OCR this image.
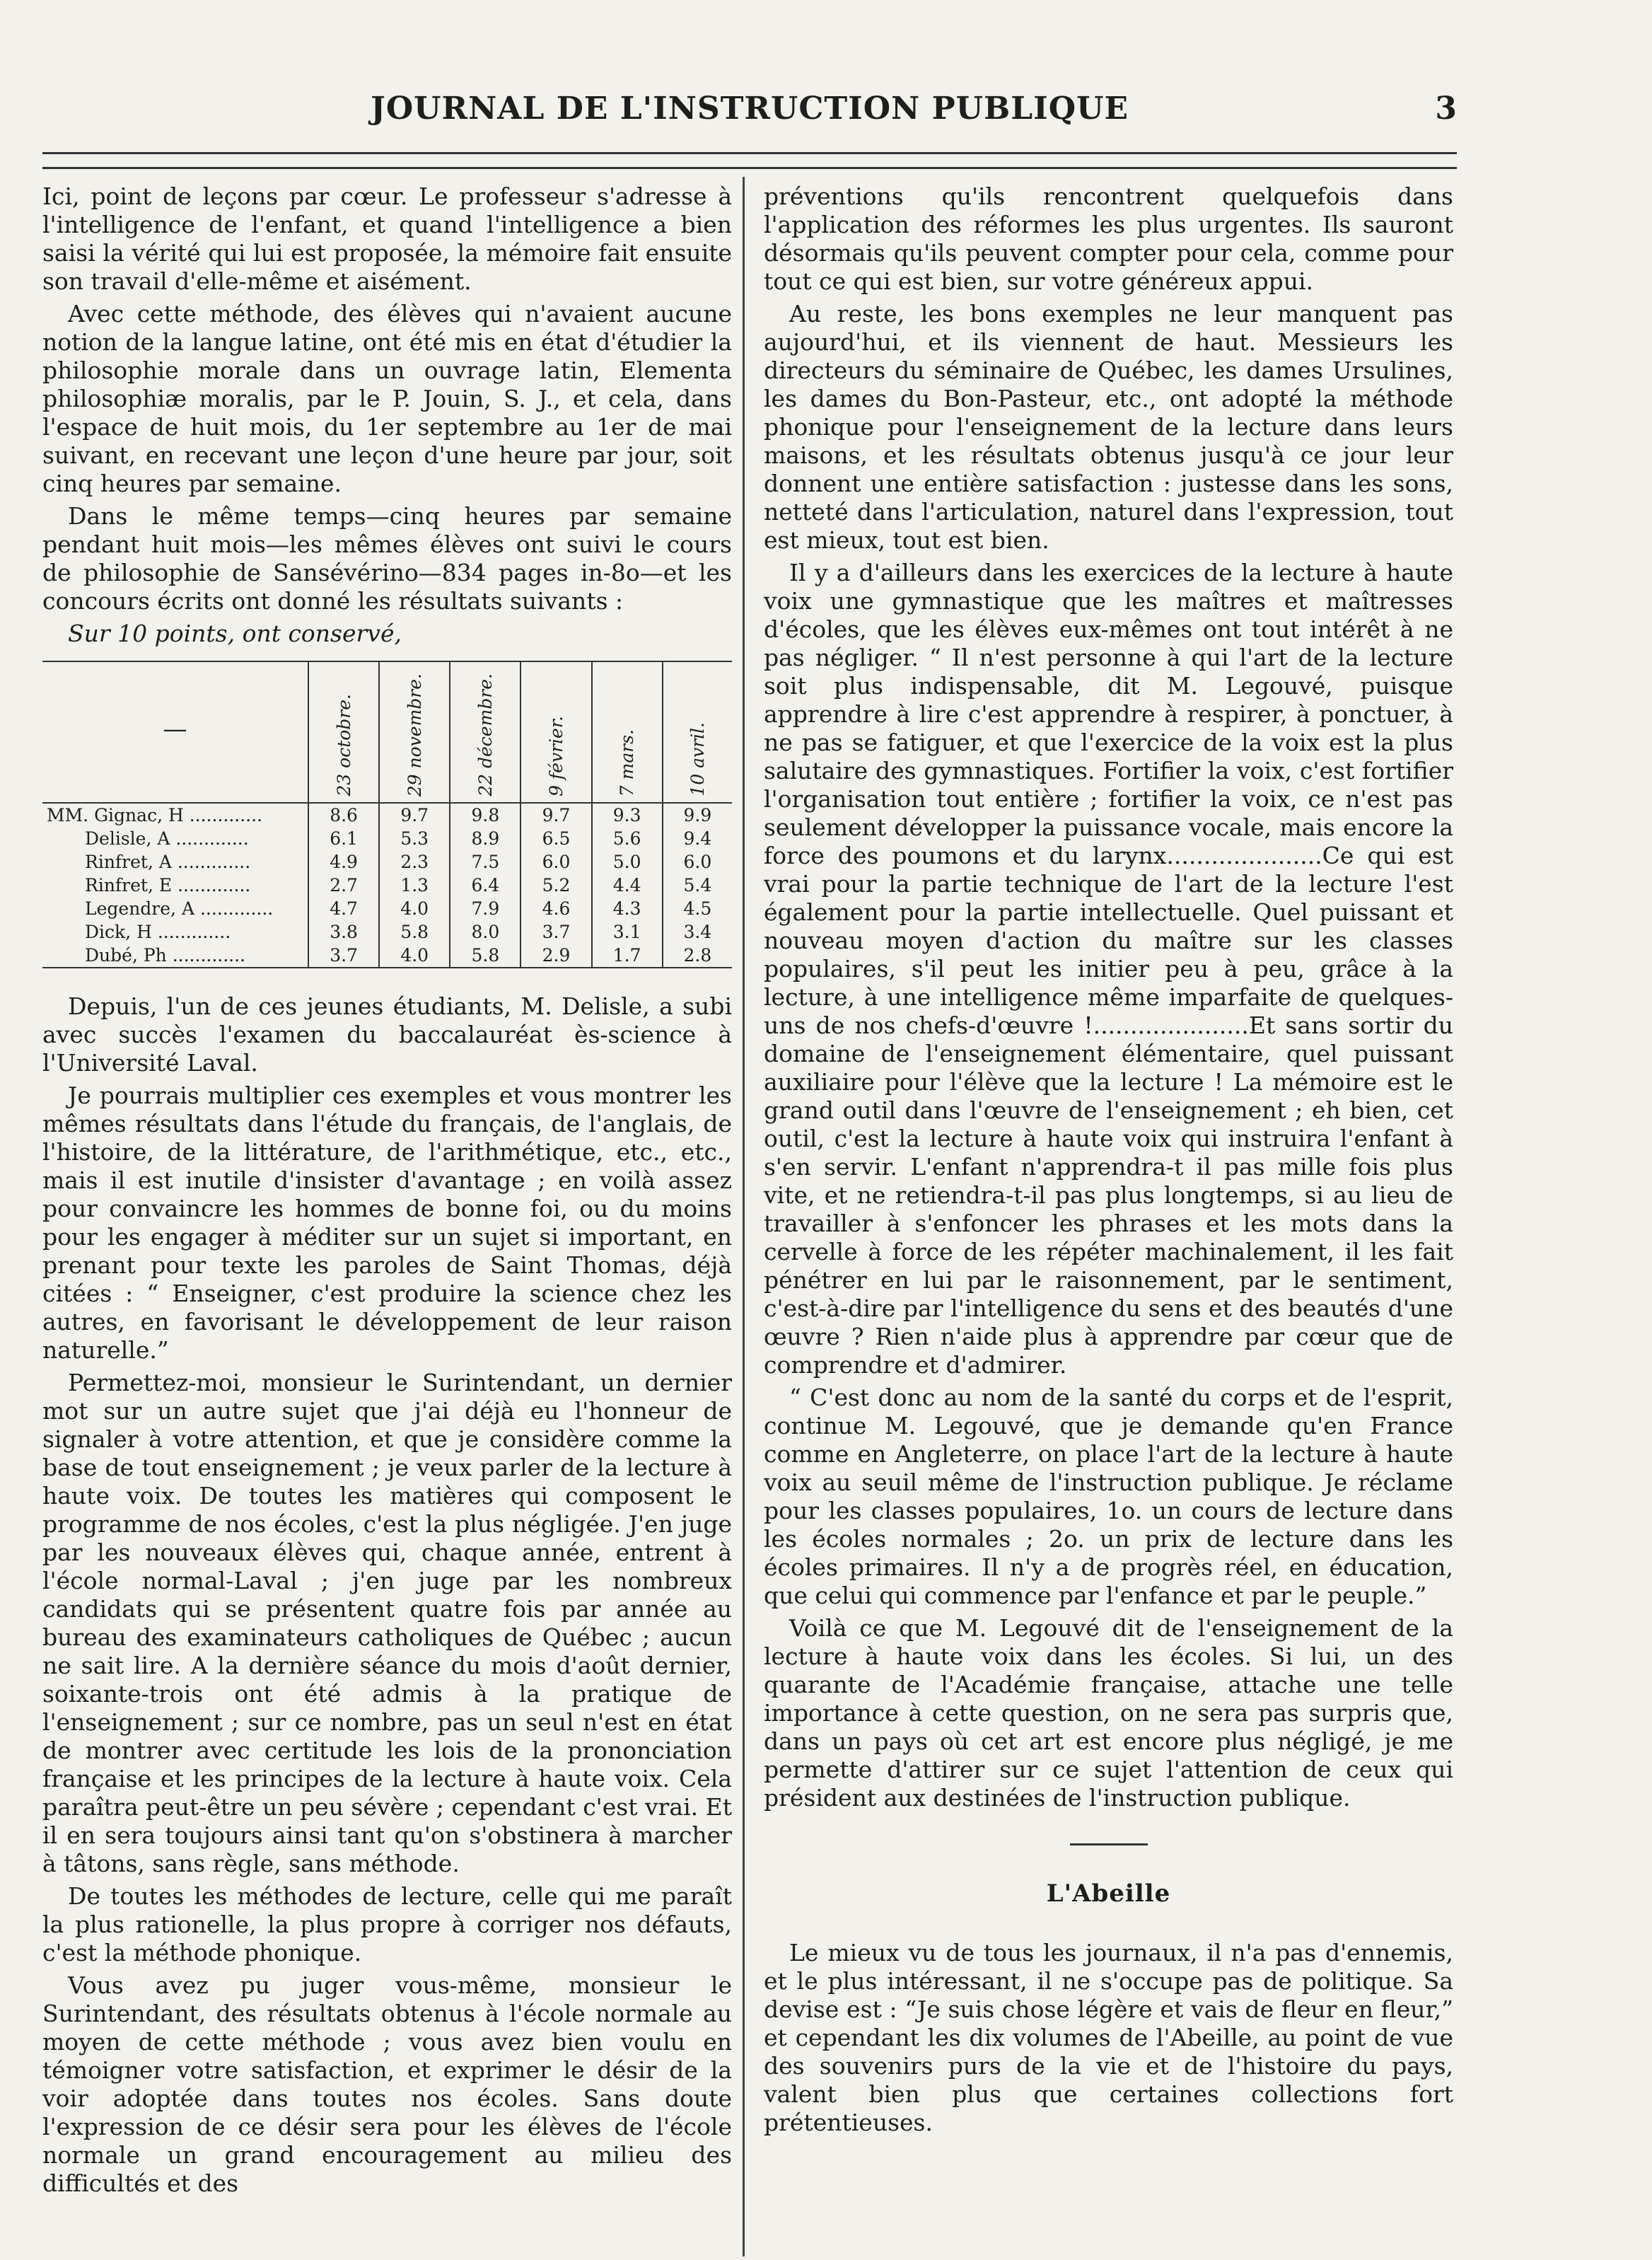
JOURNAL DE L'INSTRUCTION PUBLIQUE	3

Ici, point de leçons par cœur. Le professeur s'adresse à l'intelligence de l'enfant, et quand l'intelligence a bien saisi la vérité qui lui est proposée, la mémoire fait ensuite son travail d'elle-même et aisément.

Avec cette méthode, des élèves qui n'avaient aucune notion de la langue latine, ont été mis en état d'étudier la philosophie morale dans un ouvrage latin, Elementa philosophiæ moralis, par le P. Jouin, S. J., et cela, dans l'espace de huit mois, du 1er septembre au 1er de mai suivant, en recevant une leçon d'une heure par jour, soit cinq heures par semaine.

Dans le même temps—cinq heures par semaine pendant huit mois—les mêmes élèves ont suivi le cours de philosophie de Sansévérino—834 pages in-8o—et les concours écrits ont donné les résultats suivants :

Sur 10 points, ont conservé,

—	23 octobre.	29 novembre.	22 décembre.	9 février.	7 mars.	10 avril.

MM. Gignac, H .............	8.6	9.7	9.8	9.7	9.3	9.9
Delisle, A .............	6.1	5.3	8.9	6.5	5.6	9.4
Rinfret, A .............	4.9	2.3	7.5	6.0	5.0	6.0
Rinfret, E .............	2.7	1.3	6.4	5.2	4.4	5.4
Legendre, A .............	4.7	4.0	7.9	4.6	4.3	4.5
Dick, H .............	3.8	5.8	8.0	3.7	3.1	3.4
Dubé, Ph .............	3.7	4.0	5.8	2.9	1.7	2.8

Depuis, l'un de ces jeunes étudiants, M. Delisle, a subi avec succès l'examen du baccalauréat ès-science à l'Université Laval.

Je pourrais multiplier ces exemples et vous montrer les mêmes résultats dans l'étude du français, de l'anglais, de l'histoire, de la littérature, de l'arithmétique, etc., etc., mais il est inutile d'insister d'avantage ; en voilà assez pour convaincre les hommes de bonne foi, ou du moins pour les engager à méditer sur un sujet si important, en prenant pour texte les paroles de Saint Thomas, déjà citées : “ Enseigner, c'est produire la science chez les autres, en favorisant le développement de leur raison naturelle.”

Permettez-moi, monsieur le Surintendant, un dernier mot sur un autre sujet que j'ai déjà eu l'honneur de signaler à votre attention, et que je considère comme la base de tout enseignement ; je veux parler de la lecture à haute voix. De toutes les matières qui composent le programme de nos écoles, c'est la plus négligée. J'en juge par les nouveaux élèves qui, chaque année, entrent à l'école normal-Laval ; j'en juge par les nombreux candidats qui se présentent quatre fois par année au bureau des examinateurs catholiques de Québec ; aucun ne sait lire. A la dernière séance du mois d'août dernier, soixante-trois ont été admis à la pratique de l'enseignement ; sur ce nombre, pas un seul n'est en état de montrer avec certitude les lois de la prononciation française et les principes de la lecture à haute voix. Cela paraîtra peut-être un peu sévère ; cependant c'est vrai. Et il en sera toujours ainsi tant qu'on s'obstinera à marcher à tâtons, sans règle, sans méthode.

De toutes les méthodes de lecture, celle qui me paraît la plus rationelle, la plus propre à corriger nos défauts, c'est la méthode phonique.

Vous avez pu juger vous-même, monsieur le Surintendant, des résultats obtenus à l'école normale au moyen de cette méthode ; vous avez bien voulu en témoigner votre satisfaction, et exprimer le désir de la voir adoptée dans toutes nos écoles. Sans doute l'expression de ce désir sera pour les élèves de l'école normale un grand encouragement au milieu des difficultés et des

préventions qu'ils rencontrent quelquefois dans l'application des réformes les plus urgentes. Ils sauront désormais qu'ils peuvent compter pour cela, comme pour tout ce qui est bien, sur votre généreux appui.

Au reste, les bons exemples ne leur manquent pas aujourd'hui, et ils viennent de haut. Messieurs les directeurs du séminaire de Québec, les dames Ursulines, les dames du Bon-Pasteur, etc., ont adopté la méthode phonique pour l'enseignement de la lecture dans leurs maisons, et les résultats obtenus jusqu'à ce jour leur donnent une entière satisfaction : justesse dans les sons, netteté dans l'articulation, naturel dans l'expression, tout est mieux, tout est bien.

Il y a d'ailleurs dans les exercices de la lecture à haute voix une gymnastique que les maîtres et maîtresses d'écoles, que les élèves eux-mêmes ont tout intérêt à ne pas négliger. “ Il n'est personne à qui l'art de la lecture soit plus indispensable, dit M. Legouvé, puisque apprendre à lire c'est apprendre à respirer, à ponctuer, à ne pas se fatiguer, et que l'exercice de la voix est la plus salutaire des gymnastiques. Fortifier la voix, c'est fortifier l'organisation tout entière ; fortifier la voix, ce n'est pas seulement développer la puissance vocale, mais encore la force des poumons et du larynx.....................Ce qui est vrai pour la partie technique de l'art de la lecture l'est également pour la partie intellectuelle. Quel puissant et nouveau moyen d'action du maître sur les classes populaires, s'il peut les initier peu à peu, grâce à la lecture, à une intelligence même imparfaite de quelques-uns de nos chefs-d'œuvre !.....................Et sans sortir du domaine de l'enseignement élémentaire, quel puissant auxiliaire pour l'élève que la lecture ! La mémoire est le grand outil dans l'œuvre de l'enseignement ; eh bien, cet outil, c'est la lecture à haute voix qui instruira l'enfant à s'en servir. L'enfant n'apprendra-t il pas mille fois plus vite, et ne retiendra-t-il pas plus longtemps, si au lieu de travailler à s'enfoncer les phrases et les mots dans la cervelle à force de les répéter machinalement, il les fait pénétrer en lui par le raisonnement, par le sentiment, c'est-à-dire par l'intelligence du sens et des beautés d'une œuvre ? Rien n'aide plus à apprendre par cœur que de comprendre et d'admirer.

“ C'est donc au nom de la santé du corps et de l'esprit, continue M. Legouvé, que je demande qu'en France comme en Angleterre, on place l'art de la lecture à haute voix au seuil même de l'instruction publique. Je réclame pour les classes populaires, 1o. un cours de lecture dans les écoles normales ; 2o. un prix de lecture dans les écoles primaires. Il n'y a de progrès réel, en éducation, que celui qui commence par l'enfance et par le peuple.”

Voilà ce que M. Legouvé dit de l'enseignement de la lecture à haute voix dans les écoles. Si lui, un des quarante de l'Académie française, attache une telle importance à cette question, on ne sera pas surpris que, dans un pays où cet art est encore plus négligé, je me permette d'attirer sur ce sujet l'attention de ceux qui président aux destinées de l'instruction publique.

L'Abeille

Le mieux vu de tous les journaux, il n'a pas d'ennemis, et le plus intéressant, il ne s'occupe pas de politique. Sa devise est : “Je suis chose légère et vais de fleur en fleur,” et cependant les dix volumes de l'Abeille, au point de vue des souvenirs purs de la vie et de l'histoire du pays, valent bien plus que certaines collections fort prétentieuses.
